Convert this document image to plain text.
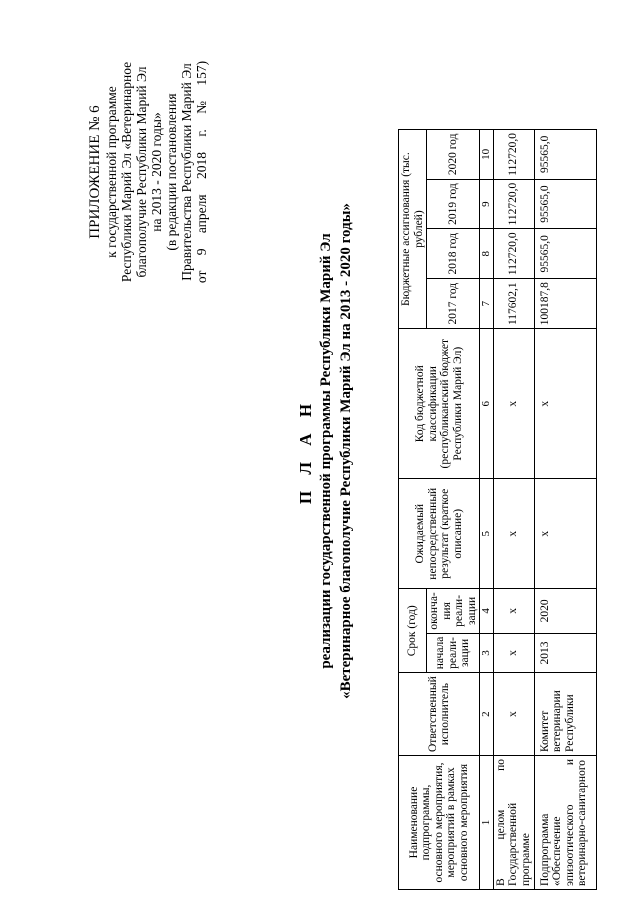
ПРИЛОЖЕНИЕ № 6 к государственной программе Республики Марий Эл «Ветеринарное благополучие Республики Марий Эл на 2013 - 2020 годы» (в редакции постановления Правительства Республики Марий Эл от 9 апреля 2018 г. № 157)
П Л А Н реализации государственной программы Республики Марий Эл «Ветеринарное благополучие Республики Марий Эл на 2013 - 2020 годы»
Наименование подпрограммы, основного мероприятия, мероприятий в рамках основного мероприятия	Ответственный исполнитель	Срок (год)		Ожидаемый непосредственный результат (краткое описание)	Код бюджетной классификации (республиканский бюджет Республики Марий Эл)	Бюджетные ассигнования (тыс. рублей)			
		начала реали-зации	оконча-ния реали-зации			2017 год	2018 год	2019 год	2020 год

1	2	3	4	5	6	7	8	9	10
В целом по Государственной программе	х	х	х	х	х	117602,1	112720,0	112720,0	112720,0
Подпрограмма «Обеспечение эпизоотического и ветеринарно-санитарного	Комитет ветеринарии Республики	2013	2020	х	х	100187,8	95565,0	95565,0	95565,0
